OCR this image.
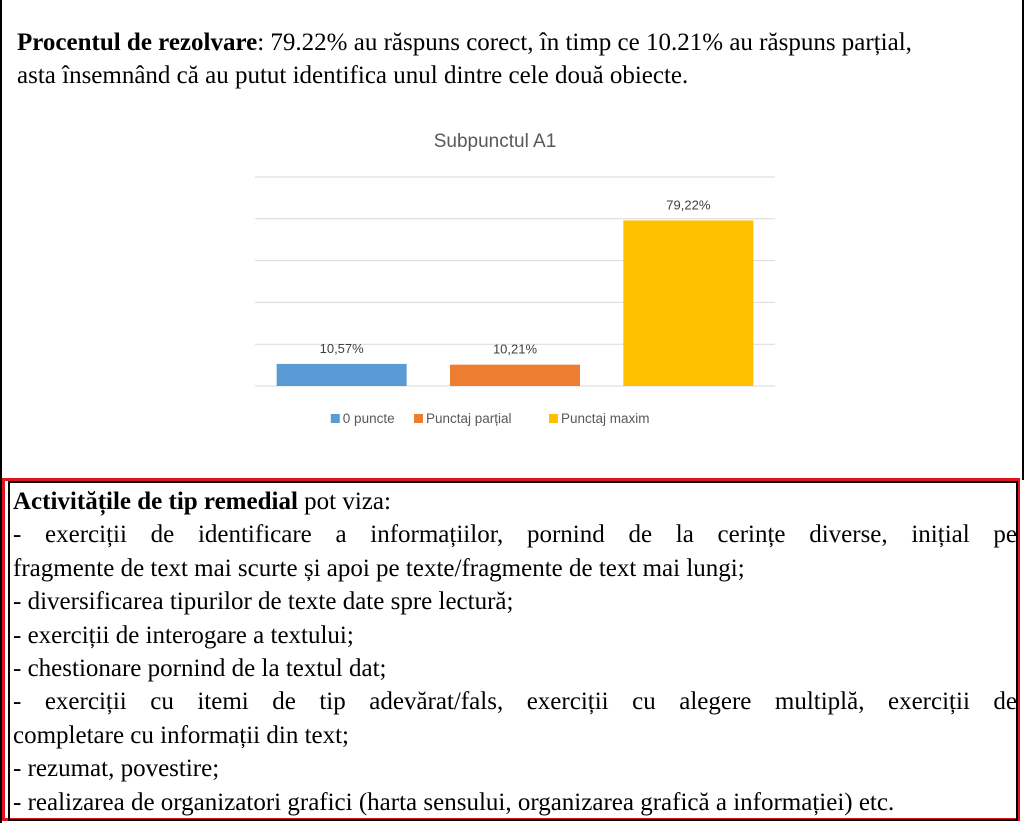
Procentul de rezolvare: 79.22% au răspuns corect, în timp ce 10.21% au răspuns parțial,
asta însemnând că au putut identifica unul dintre cele două obiecte.
Subpunctul A1
10,57%	10,21%
79,22%
0 puncte Punctaj parțial	Punctaj maxim
Activitățile de tip remedial pot viza:
- exerciții de identificare a informațiilor, pornind de la cerințe diverse, inițial pe
fragmente de text mai scurte și apoi pe texte/fragmente de text mai lungi;
- diversificarea tipurilor de texte date spre lectură;
- exerciții de interogare a textului;
- chestionare pornind de la textul dat;
- exerciții cu itemi de tip adevărat/fals, exerciții cu alegere multiplă, exerciții de
completare cu informații din text;
- rezumat, povestire;
- realizarea de organizatori grafici (harta sensului, organizarea grafică a informației) etc.
